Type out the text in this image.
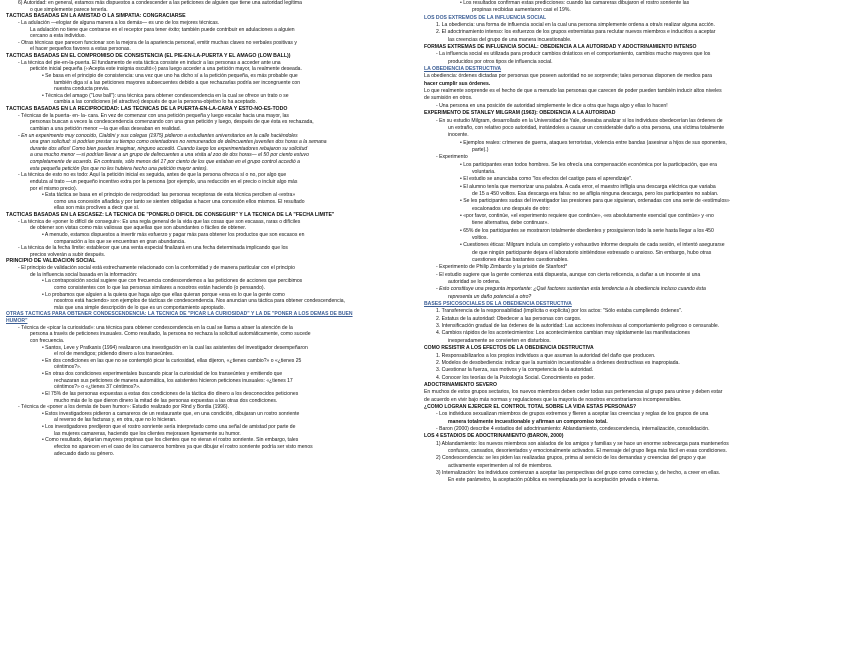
6) Autoridad: en general, estamos más dispuestos a condescender a las peticiones de alguien que tiene una autoridad legítima
o que simplemente parece tenerla.
TÁCTICAS BASADAS EN LA AMISTAD O LA SIMPATÍA: CONGRACIARSE
- La adulación —elogiar de alguna manera a los demás— es uno de los mejores técnicas.
La adulación no tiene que contrarse en el receptor para tener éxito; también puede contribuir en adulaciones a alguien
cercano a esta individuo.
- Otras técnicas que parecen funcionar son la mejora de la apariencia personal, emitir muchas claves no verbales positivas y
el hacer pequeños favores a estas personas.
TÁCTICAS BASADAS EN EL COMPROMISO DE CONSISTENCIA (EL PIE-EN-LA-PUERTA Y EL AMAGO (LOW BALL))
- La técnica del pie-en-la-puerta. El fundamento de esta táctica consiste en inducir a las personas a acceder ante una
petición inicial pequeña (‹‹Acepta este insignia oscultó››) para luego acceder a una petición mayor, la realmente deseada.
• Se basa en el principio de consistencia: una vez que uno ha dicho sí a la petición pequeña, es más probable que
también diga sí a las peticiones mayores subsecuentes debido a que rechazarlas podría ser incongruente con
nuestra conducta previa.
• Técnica del amago ("Low ball"): una técnica para obtener condescendencia en la cual se ofrece un trato o se
cambia a las condiciones (el atractivo) después de que la persona-objetivo lo ha aceptado.
TÁCTICAS BASADAS EN LA RECIPROCIDAD: LAS TÉCNICAS DE LA PUERTA-EN-LA-CARA Y ESTO-NO-ES-TODO
- Técnicas de la puerta- en- la- cara. En vez de comenzar con una petición pequeña y luego escalar hacia una mayor, las
personas buscan a veces la condescendencia comenzando con una gran petición y luego, después de que ésta es rechazada,
cambian a una petición menor —la que ellas deseaban en realidad.
- En un experimento muy conocido, Cialdini y sus colegas (1975) pidieron a estudiantes universitarios en la calle haciéndoles
una gran solicitud: si podrían prestar su tiempo como orientadores no remunerados de delincuentes juveniles dos horas a la semana
durante dos años! Como bien puedes imaginar, ninguno accedió. Cuando luego los experimentadores rebajaron su solicitud
a una mucho menor —si podrían llevar a un grupo de delincuentes a una visita al zoo de dos horas— el 50 por ciento estuvo
completamente de acuerdo. En contraste, sólo menos del 17 por ciento de los que estaban en el grupo control accedió a
esta pequeña petición (los que no les hubiera hecho una petición mayor antes).
- La técnica de esto no es todo: Aquí la petición inicial es seguida, antes de que la persona ofrezca sí o no, por algo que
endulza al trato —un pequeño incentivo extra por la persona (por ejemplo, una reducción en el precio o incluir algo más
por el mismo precio).
• Esta táctica se basa en el principio de reciprocidad: las personas receptoras de esta técnica perciben al «extra»
como una concesión añadida y por tanto se sienten obligadas a hacer una concesión ellos mismos. El resultado
ellas son más proclives a decir que sí.
TÁCTICAS BASADAS EN LA ESCASEZ: LA TÉCNICA DE "PONERLO DIFÍCIL DE CONSEGUIR" Y LA TÉCNICA DE LA "FECHA LÍMITE"
- La técnica de «poner lo difícil de conseguir»: Es una regla general de la vida que las cosas que son escasas, raras o difíciles
de obtener son vistas como más valiosas que aquellas que son abundantes o fáciles de obtener.
• A menudo, estamos dispuestos a invertir más esfuerzo y pagar más para obtener los productos que son escasos en
comparación a los que se encuentran en gran abundancia.
- La técnica de la fecha límite: establecer que una venta especial finalizará en una fecha determinada implicando que los
precios volverán a subir después.
PRINCIPIO DE VALIDACIÓN SOCIAL
- El principio de validación social está estrechamente relacionado con la conformidad y de manera particular con el principio
de la influencia social basada en la información:
• La contraposición social sugiere que con frecuencia condescendemos a las peticiones de acciones que percibimos
como consistentes con lo que las personas similares a nosotros están haciendo (o pensando).
• Lo probamos que alguien a la quiera que haga algo que ellas quieran porque «esa es lo que la gente como
nosotros está haciendo» son ejemplos de tácticas de condescendencia. Nos anuncian una táctica para obtener condescendencia,
más que una simple descripción de lo que es un comportamiento apropiado.
OTRAS TÁCTICAS PARA OBTENER CONDESCENDENCIA: LA TÉCNICA DE "PICAR LA CURIOSIDAD" Y LA DE "PONER A LOS DEMÁS DE BUEN
HUMOR"
- Técnica de «picar la curiosidad»: una técnica para obtener condescendencia en la cual se llama a atraer la atención de la
persona a través de peticiones inusuales. Como resultado, la persona no rechaza la solicitud automáticamente, como sucede
con frecuencia.
• Santos, Leve y Pratkanis (1994) realizaron una investigación en la cual las asistentes del investigador desempeñaron
el rol de mendigos; pidiendo dinero a los transeúntes.
• En dos condiciones en las que no se contempló picar la curiosidad, ellas dijeron, «¿tienes cambio?» o «¿tienes 25
céntimos?».
• En otras dos condiciones experimentales buscando picar la curiosidad de los transeúntes y emitiendo que
rechazaran sus peticiones de manera automática, los asistentes hicieron peticiones inusuales: «¿tienes 17
céntimos?» o «¿tienes 37 céntimos?».
• El 75% de las personas expuestas a estas dos condiciones de la táctica dio dinero a los desconocidos peticiones
mucho más de lo que dieron dinero la mitad de las personas expuestas a las otras dos condiciones.
- Técnica de «poner a los demás de buen humor»: Estudio realizado por Rind y Bordia (1996).
• Estos investigadores pidieron a camareros de un restaurante que, en una condición, dibujaran un rostro sonriente
al reverso de las facturas y, en otra, que no lo hicieran.
• Los investigadores predijeron que el rostro sonriente sería interpretado como una señal de amistad por parte de
las mujeres camareras, haciendo que los clientes mejorasen ligeramente su humor.
• Como resultado, dejarían mayores propinas que los clientes que no vieran el rostro sonriente. Sin embargo, tales
efectos no aparecen en el caso de los camareros hombres ya que dibujar el rostro sonriente podría ser visto menos
adecuado dado su género.
• Los resultados confirman estas predicciones: cuando las camareras dibujaron el rostro sonriente las
propinas recibidas aumentaron casi el 19%.
LOS DOS EXTREMOS DE LA INFLUENCIA SOCIAL
1. La obediencia: una forma de influencia social en la cual una persona simplemente ordena a otra/s realizar alguna acción.
2. El adoctrinamiento intenso: los esfuerzos de los grupos extremistas para reclutar nuevos miembros e inducirlos a aceptar
las creencias del grupo de una manera incuestionable.
FORMAS EXTREMAS DE INFLUENCIA SOCIAL: OBEDIENCIA A LA AUTORIDAD Y ADOCTRINAMIENTO INTENSO
- La influencia social es utilizada para producir cambios drásticos en el comportamiento, cambios mucho mayores que los
producidos por otros tipos de influencia social.
LA OBEDIENCIA DESTRUCTIVA
La obediencia: órdenes dictadas por personas que poseen autoridad no se sorprende; tales personas disponen de medios para
hacer cumplir sus órdenes.
Lo que realmente sorprende es el hecho de que a menudo las personas que carecen de poder pueden también inducir altos niveles
de sumisión en otros.
- Una persona en una posición de autoridad simplemente le dice a otra que haga algo y ellas lo hacen!
EXPERIMENTO DE STANLEY MILGRAM (1963): OBEDIENCIA A LA AUTORIDAD
- En su estudio Milgram, desarrollado en la Universidad de Yale, deseaba analizar si los individuos obedecerían las órdenes de
un extraño, con relativo poco autoridad, instándoles a causar un considerable daño a otra persona, una víctima totalmente
inocente.
• Ejemplos reales: crímenes de guerra, ataques terroristas, violencia entre bandas (asesinar a hijos de sus oponentes,
parte).)
- Experimento
• Los participantes eran todos hombres. Se les ofrecía una compensación económica por la participación, que era
voluntaria.
• El estudio se anunciaba como "los efectos del castigo para el aprendizaje".
• El alumno tenía que memorizar una palabra. A cada error, el maestro infligía una descarga eléctrica que variaba
de 15 a 450 voltios. Esa descarga era falsa: no se afligía ninguna descarga, pero los participantes no sabían.
• Se les participantes sudas del investigador las presiones para que siguieran, ordenadas con una serie de «estímulos»
escalonados uno después de otro:
• «por favor, continúe, «el experimento requiere que continúe», «es absolutamente esencial que continúe» y «no
tiene alternativa, debe continuar».
• 65% de los participantes se mostraron totalmente obedientes y prosiguieron todo la serie hasta llegar a los 450
voltios.
• Cuestiones éticas: Milgram incluía un completo y exhaustivo informe después de cada sesión, el intentó asegurarse
de que ningún participante dejara el laboratorio sintiéndose estresado o ansioso. Sin embargo, hubo otras
cuestiones éticas bastantes cuestionables.
- Experimento de Philip Zimbardo y la prisión de Stanford*
- El estudio sugiere que la gente comienza está dispuesta, aunque con cierta reticencia, a dañar a un inocente si una
autoridad se lo ordena.
- Esto constituye una pregunta importante: ¿Qué factores sustentan esta tendencia a la obediencia incluso cuando ésta
representa un daño potencial a otro?
BASES PSICOSOCIALES DE LA OBEDIENCIA DESTRUCTIVA
1. Transferencia de la responsabilidad (implícita o explícita) por los actos: "Sólo estaba cumpliendo órdenes".
2. Estatus de la autoridad: Obedecer a las personas con cargos.
3. Intensificación gradual de las órdenes de la autoridad: Las acciones inofensivas al comportamiento peligroso o censurable.
4. Cambios rápidos de los acontecimientos: Los acontecimientos cambian muy rápidamente las manifestaciones
inesperadamente se convierten en disturbios.
CÓMO RESISTIR A LOS EFECTOS DE LA OBEDIENCIA DESTRUCTIVA
1. Responsabilizarlos a los propios individuos a que asuman la autoridad del daño que producen.
2. Modelos de desobediencia: indicar que la sumisión incuestionable a órdenes destructivas es inapropiada.
3. Cuestionar la fuerza, sus motivos y la competencia de la autoridad.
4. Conocer los teorías de la Psicología Social. Conocimiento es poder.
ADOCTRINAMIENTO SEVERO
En muchos de estos grupos sectarios, los nuevos miembros deben ceder todas sus pertenencias al grupo para unirse y deben estar
de acuerdo en vivir bajo más normas y regulaciones que la mayoría de nosotros encontraríamos incomprensibles.
¿CÓMO LOGRAN EJERCER EL CONTROL TOTAL SOBRE LA VIDA ESTAS PERSONAS?
- Los individuos sexualizan miembros de grupos extremos y flieren a aceptar las creencias y reglas de los grupos de una
manera totalmente incuestionable y afirman un compromiso total.
- Baron (2000) describe 4 estadios del adoctrinamiento: Ablandamiento, condescendencia, internalización, consolidación.
LOS 4 ESTADIOS DE ADOCTRINAMIENTO (BARON, 2000)
1) Ablandamiento: los nuevos miembros son aislados de los amigos y familias y se hace un enorme sobrecarga para mantenerlos
confusos, cansados, desorientados y emocionalmente activados. El mensaje del grupo llega más fácil en esas condiciones.
2) Condescendencia: se les piden las realizadas grupos, prima al servicio de los demandas y creencias del grupo y que
activamente experimenten al rol de miembros.
3) Internalización: los individuos comienzan a aceptar las perspectivas del grupo como correctas y, de hecho, a creer en ellas.
En este parámetro, la aceptación pública es reemplazada por la aceptación privada o interna.
